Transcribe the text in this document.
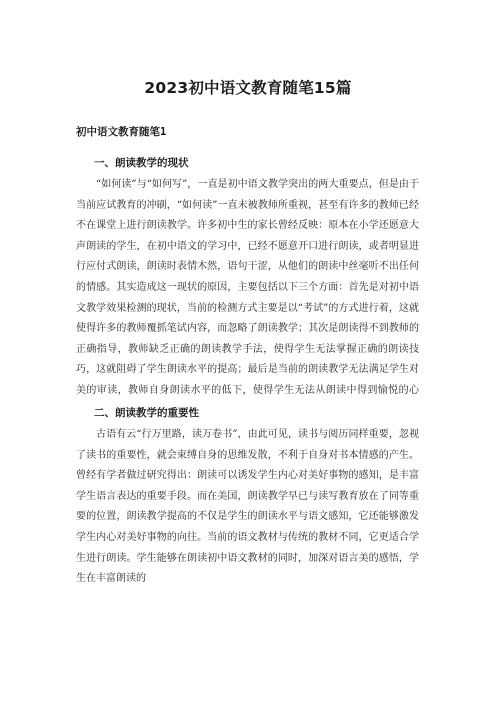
2023初中语文教育随笔15篇
初中语文教育随笔1
一、朗读教学的现状

“如何读”与“如何写”，一直是初中语文教学突出的两大重要点，但是由于当前应试教育的冲刷，“如何读”一直未被教师所重视，甚至有许多的教师已经不在课堂上进行朗读教学。许多初中生的家长曾经反映：原本在小学还愿意大声朗读的学生，在初中语文的学习中，已经不愿意开口进行朗读，或者明显进行应付式朗读，朗读时表情木然，语句干涩，从他们的朗读中丝毫听不出任何的情感。其实造成这一现状的原因，主要包括以下三个方面：首先是对初中语文教学效果检测的现状，当前的检测方式主要是以“考试”的方式进行着，这就使得许多的教师覆抓笔试内容，而忽略了朗读教学；其次是朗读得不到教师的正确指导，教师缺乏正确的朗读教学手法，使得学生无法掌握正确的朗读技巧，这就阻碍了学生朗读水平的提高；最后是当前的朗读教学无法满足学生对美的审读，教师自身朗读水平的低下，使得学生无法从朗读中得到愉悦的心

二、朗读教学的重要性

古语有云“行万里路，读万卷书”，由此可见，读书与阅历同样重要，忽视了读书的重要性，就会束缚自身的思维发散，不利于自身对书本情感的产生。曾经有学者做过研究得出：朗读可以诱发学生内心对美好事物的感知，是丰富学生语言表达的重要手段。而在美国，朗读教学早已与读写教育放在了同等重要的位置，朗读教学提高的不仅是学生的朗读水平与语文感知，它还能够激发学生内心对美好事物的向往。当前的语文教材与传统的教材不同，它更适合学生进行朗读。学生能够在朗读初中语文教材的同时，加深对语言美的感悟，学生在丰富朗读的
